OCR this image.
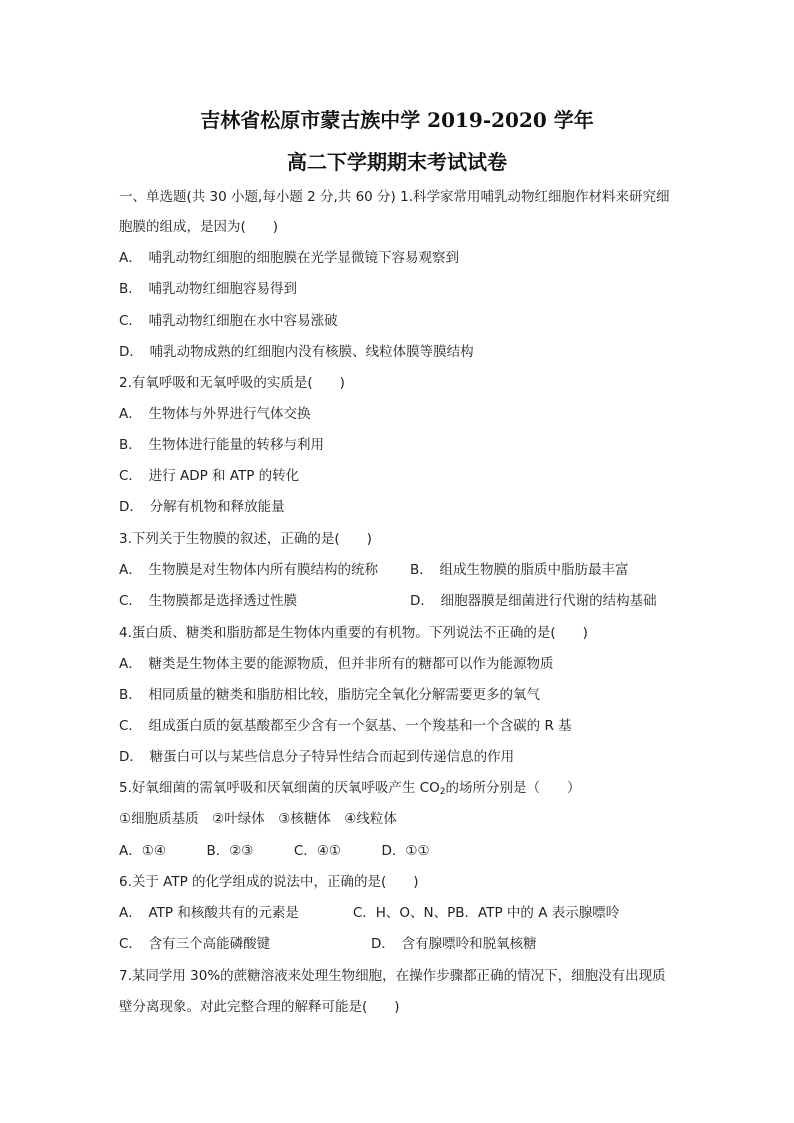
吉林省松原市蒙古族中学 2019-2020 学年
高二下学期期末考试试卷
一、单选题(共 30 小题,每小题 2 分,共 60 分) 1.科学家常用哺乳动物红细胞作材料来研究细
胞膜的组成，是因为(　　)
A．　哺乳动物红细胞的细胞膜在光学显微镜下容易观察到
B．　哺乳动物红细胞容易得到
C．　哺乳动物红细胞在水中容易涨破
D．　哺乳动物成熟的红细胞内没有核膜、线粒体膜等膜结构
2.有氧呼吸和无氧呼吸的实质是(　　)
A．　生物体与外界进行气体交换
B．　生物体进行能量的转移与利用
C．　进行 ADP 和 ATP 的转化
D．　分解有机物和释放能量
3.下列关于生物膜的叙述，正确的是(　　)
A．　生物膜是对生物体内所有膜结构的统称 B．　组成生物膜的脂质中脂肪最丰富
C．　生物膜都是选择透过性膜	D．　细胞器膜是细菌进行代谢的结构基础
4.蛋白质、糖类和脂肪都是生物体内重要的有机物。下列说法不正确的是(　　)
A．　糖类是生物体主要的能源物质，但并非所有的糖都可以作为能源物质
B．　相同质量的糖类和脂肪相比较，脂肪完全氧化分解需要更多的氧气
C．　组成蛋白质的氨基酸都至少含有一个氨基、一个羧基和一个含碳的 R 基
D．　糖蛋白可以与某些信息分子特异性结合而起到传递信息的作用
5.好氧细菌的需氧呼吸和厌氧细菌的厌氧呼吸产生 $CO_2$的场所分别是（　　）
①细胞质基质　②叶绿体　③核糖体　④线粒体
A．①④　　　B．②③　　　C．④①　　　D．①①
6.关于 ATP 的化学组成的说法中，正确的是(　　)
A．　ATP 和核酸共有的元素是　　　　C．H、O、N、PB．ATP 中的 A 表示腺嘌呤
C．　含有三个高能磷酸键	D．　含有腺嘌呤和脱氧核糖
7.某同学用 30%的蔗糖溶液来处理生物细胞，在操作步骤都正确的情况下，细胞没有出现质
壁分离现象。对此完整合理的解释可能是(　　)
